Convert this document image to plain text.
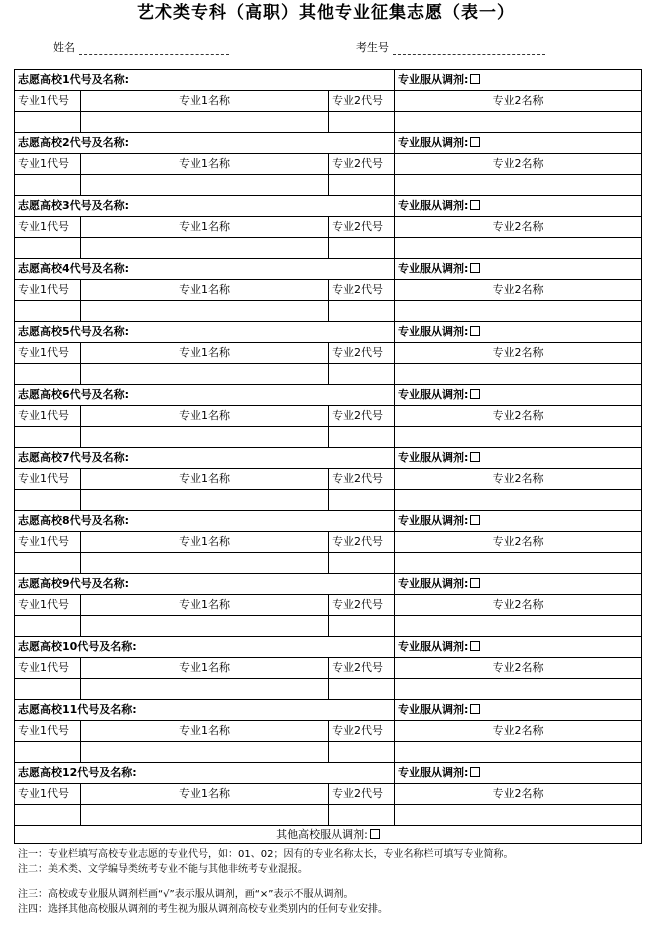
艺术类专科（高职）其他专业征集志愿（表一）
姓名	考生号
志愿高校1代号及名称:			专业服从调剂:
专业1代号	专业1名称	专业2代号	专业2名称

志愿高校2代号及名称:			专业服从调剂:
专业1代号	专业1名称	专业2代号	专业2名称

志愿高校3代号及名称:			专业服从调剂:
专业1代号	专业1名称	专业2代号	专业2名称

志愿高校4代号及名称:			专业服从调剂:
专业1代号	专业1名称	专业2代号	专业2名称

志愿高校5代号及名称:			专业服从调剂:
专业1代号	专业1名称	专业2代号	专业2名称

志愿高校6代号及名称:			专业服从调剂:
专业1代号	专业1名称	专业2代号	专业2名称

志愿高校7代号及名称:			专业服从调剂:
专业1代号	专业1名称	专业2代号	专业2名称

志愿高校8代号及名称:			专业服从调剂:
专业1代号	专业1名称	专业2代号	专业2名称

志愿高校9代号及名称:			专业服从调剂:
专业1代号	专业1名称	专业2代号	专业2名称

志愿高校10代号及名称:			专业服从调剂:
专业1代号	专业1名称	专业2代号	专业2名称

志愿高校11代号及名称:			专业服从调剂:
专业1代号	专业1名称	专业2代号	专业2名称

志愿高校12代号及名称:			专业服从调剂:
专业1代号	专业1名称	专业2代号	专业2名称

其他高校服从调剂:			
注一：专业栏填写高校专业志愿的专业代号，如：01、02；因有的专业名称太长，专业名称栏可填写专业简称。
注二：美术类、文学编导类统考专业不能与其他非统考专业混报。
注三：高校或专业服从调剂栏画“√”表示服从调剂，画“×”表示不服从调剂。
注四：选择其他高校服从调剂的考生视为服从调剂高校专业类别内的任何专业安排。
